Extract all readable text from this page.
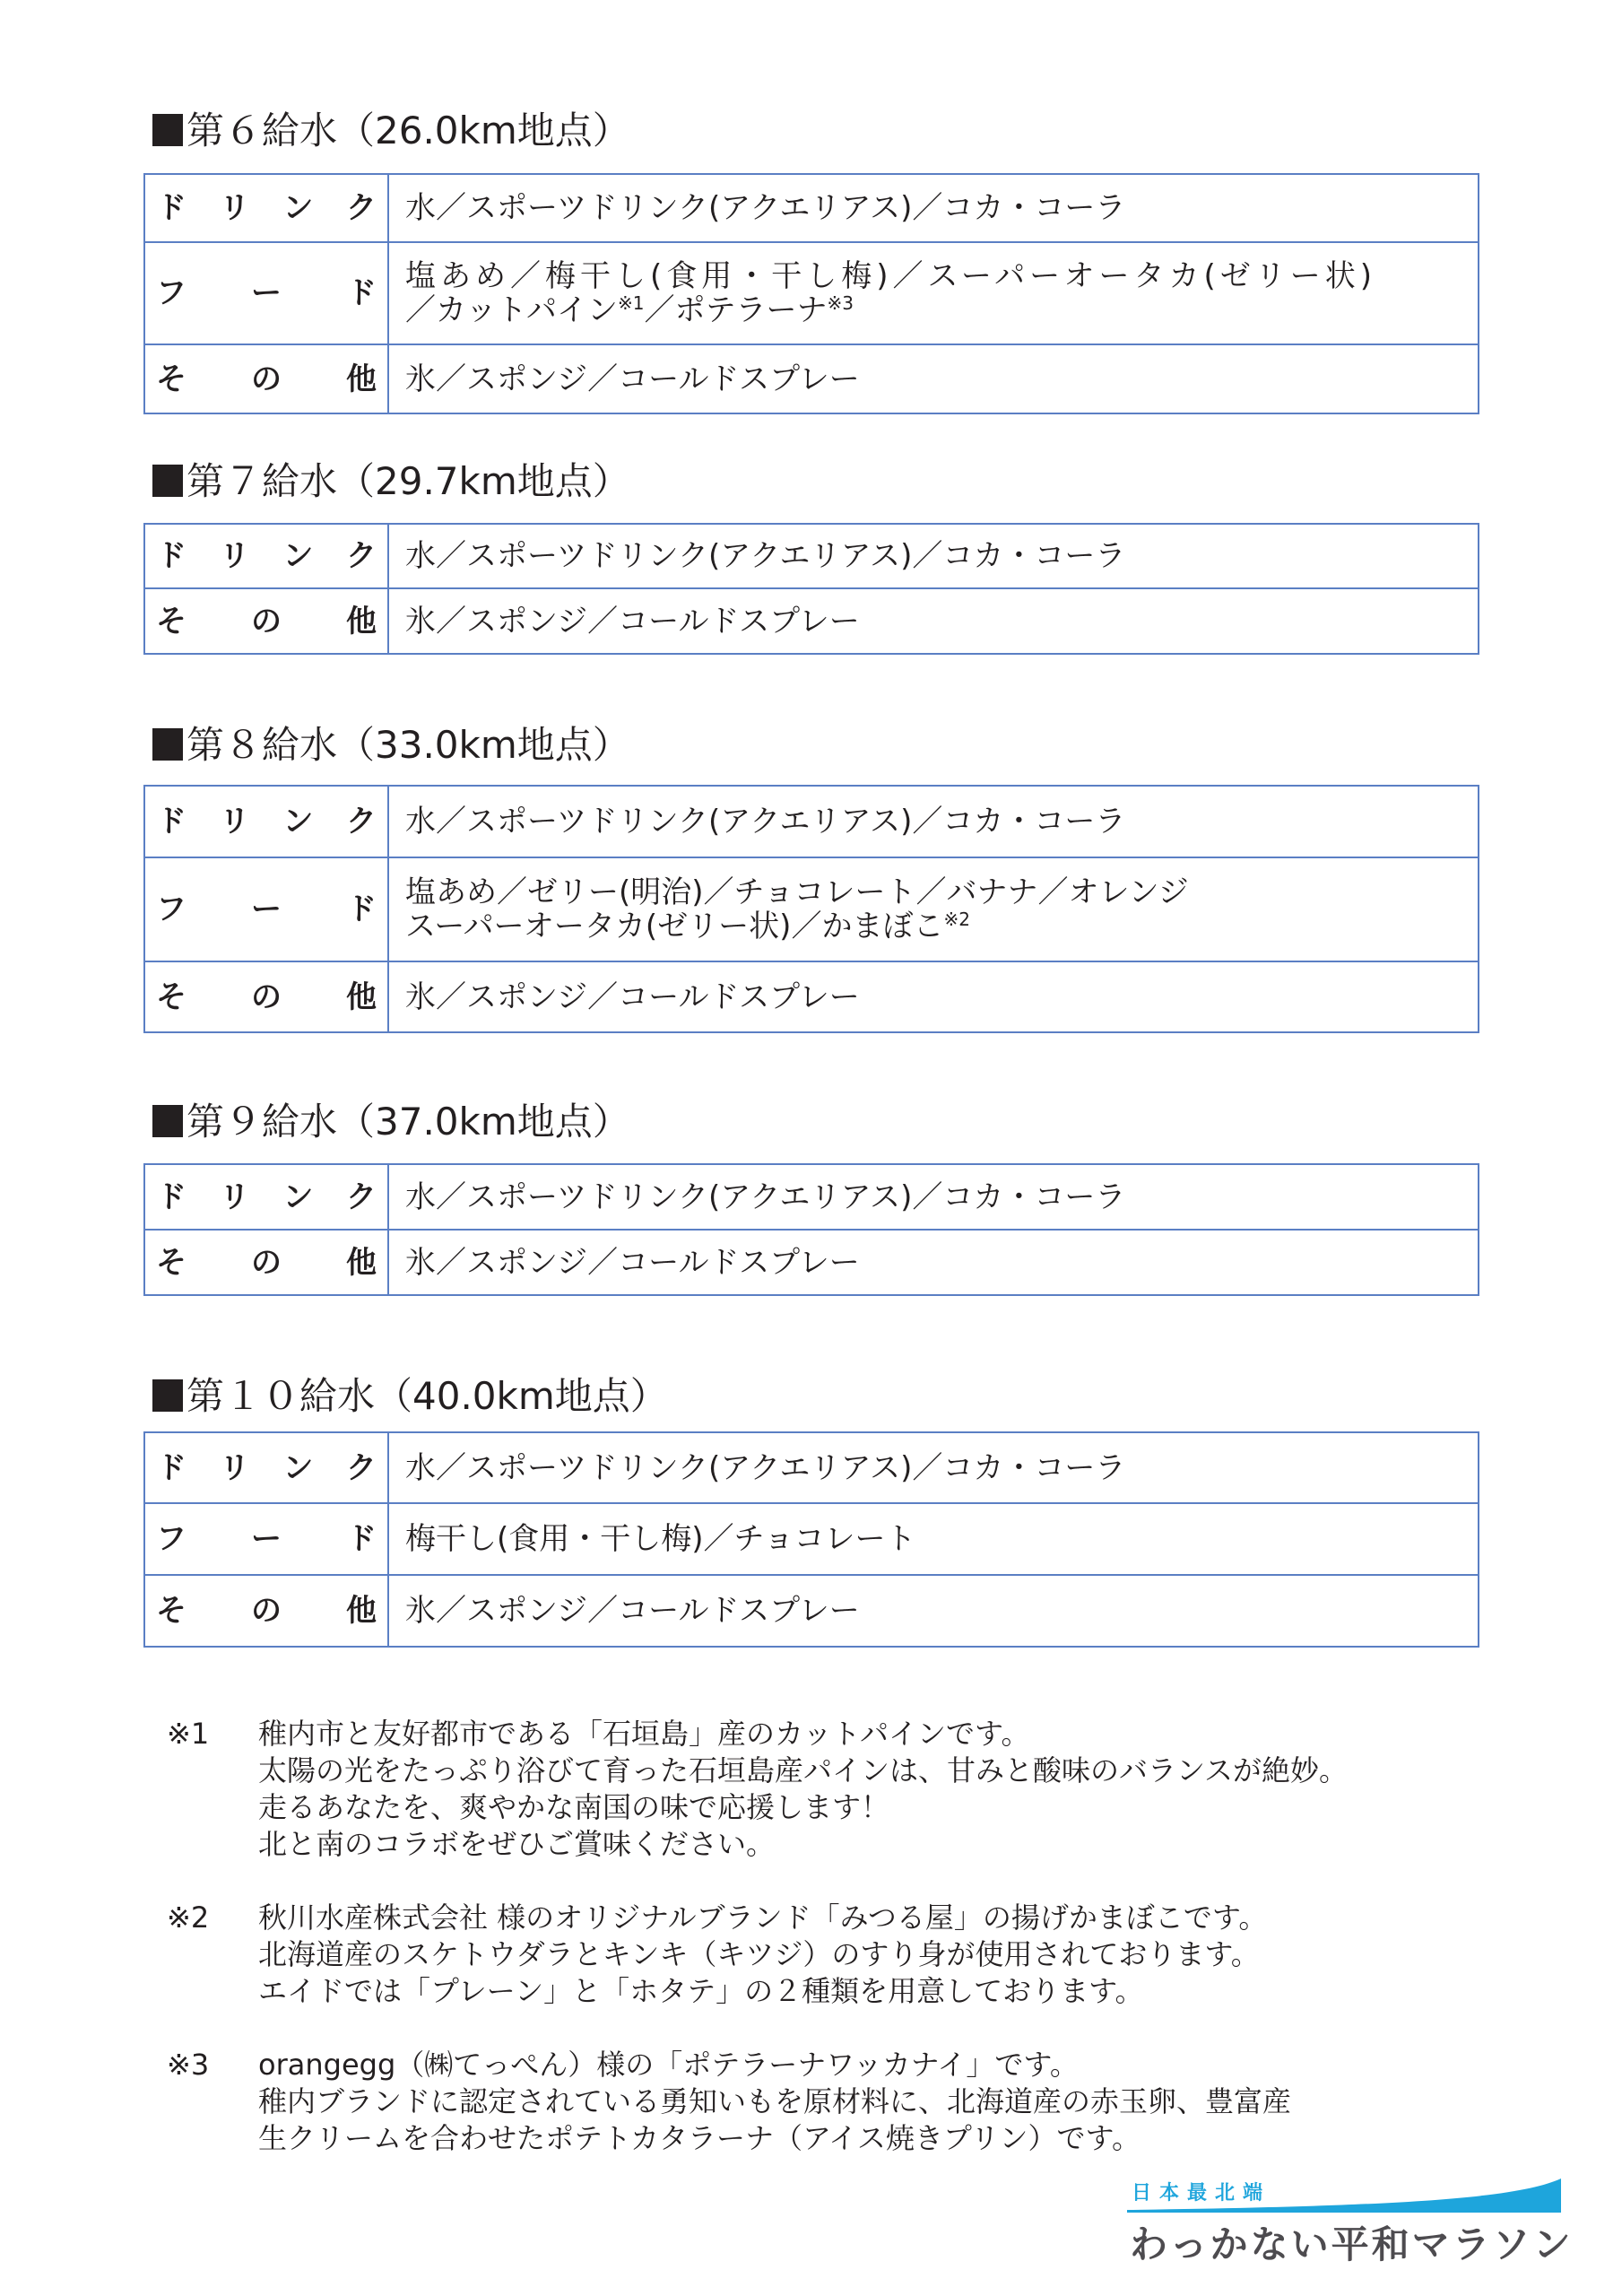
第６給水（26.0km地点）
ド リ ン ク	水／スポーツドリンク(アクエリアス)／コカ・コーラ

フ ー ド	塩あめ／梅干し(食用・干し梅)／スーパーオータカ(ゼリー状)
／カットパイン$^{※1}$／ポテラーナ$^{※3}$

そ の 他	氷／スポンジ／コールドスプレー
第７給水（29.7km地点）
ド リ ン ク	水／スポーツドリンク(アクエリアス)／コカ・コーラ

そ の 他	氷／スポンジ／コールドスプレー
第８給水（33.0km地点）
ド リ ン ク	水／スポーツドリンク(アクエリアス)／コカ・コーラ

フ ー ド	塩あめ／ゼリー(明治)／チョコレート／バナナ／オレンジ
スーパーオータカ(ゼリー状)／かまぼこ$^{※2}$

そ の 他	氷／スポンジ／コールドスプレー
第９給水（37.0km地点）
ド リ ン ク	水／スポーツドリンク(アクエリアス)／コカ・コーラ

そ の 他	氷／スポンジ／コールドスプレー
第１０給水（40.0km地点）
ド リ ン ク	水／スポーツドリンク(アクエリアス)／コカ・コーラ

フ ー ド	梅干し(食用・干し梅)／チョコレート

そ の 他	氷／スポンジ／コールドスプレー
※1	稚内市と友好都市である「石垣島」産のカットパインです。
太陽の光をたっぷり浴びて育った石垣島産パインは、甘みと酸味のバランスが絶妙。
走るあなたを、爽やかな南国の味で応援します！
北と南のコラボをぜひご賞味ください。
※2	秋川水産株式会社 様のオリジナルブランド「みつる屋」の揚げかまぼこです。
北海道産のスケトウダラとキンキ（キツジ）のすり身が使用されております。
エイドでは「プレーン」と「ホタテ」の２種類を用意しております。
※3	orangegg（㈱てっぺん）様の「ポテラーナワッカナイ」です。
稚内ブランドに認定されている勇知いもを原材料に、北海道産の赤玉卵、豊富産
生クリームを合わせたポテトカタラーナ（アイス焼きプリン）です。
日本最北端
わっかない平和マラソン
